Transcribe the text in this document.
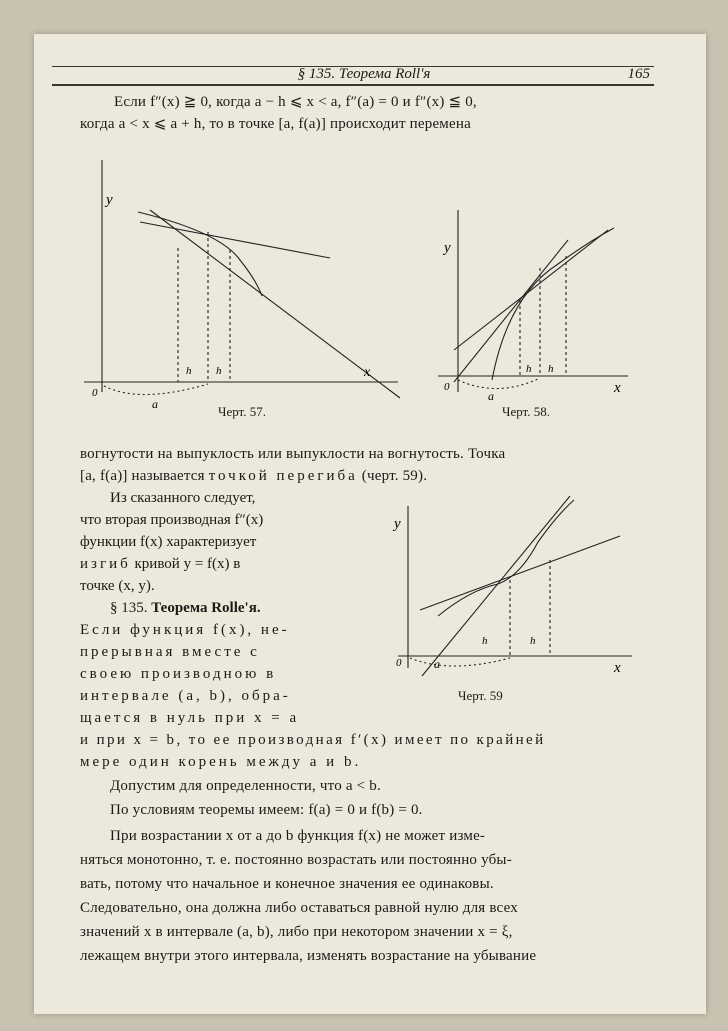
§ 135. Теорема Roll'я	165
Если f″(x) ≧ 0, когда a − h ⩽ x < a, f″(a) = 0 и f″(x) ≦ 0,
когда a < x ⩽ a + h, то в точке [a, f(a)] происходит перемена
y
x
0
a
h h
Черт. 57.
y
x
0
a
h h
Черт. 58.
вогнутости на выпуклость или выпуклости на вогнутость. Точка
[a, f(a)] называется точкой перегиба (черт. 59).
Из сказанного следует,
что вторая производная f″(x)
функции f(x) характеризует
изгиб кривой y = f(x) в
точке (x, y).
§ 135. Теорема Rolle'я.
Если функция f(x), не-
прерывная вместе с
своею производною в
интервале (a, b), обра-
щается в нуль при x = a
y
x
0	a
h	h
Черт. 59
и при x = b, то ее производная f′(x) имеет по крайней
мере один корень между a и b.
Допустим для определенности, что a < b.
По условиям теоремы имеем: f(a) = 0 и f(b) = 0.
При возрастании x от a до b функция f(x) не может изме-
няться монотонно, т. е. постоянно возрастать или постоянно убы-
вать, потому что начальное и конечное значения ее одинаковы.
Следовательно, она должна либо оставаться равной нулю для всех
значений x в интервале (a, b), либо при некотором значении x = ξ,
лежащем внутри этого интервала, изменять возрастание на убывание
